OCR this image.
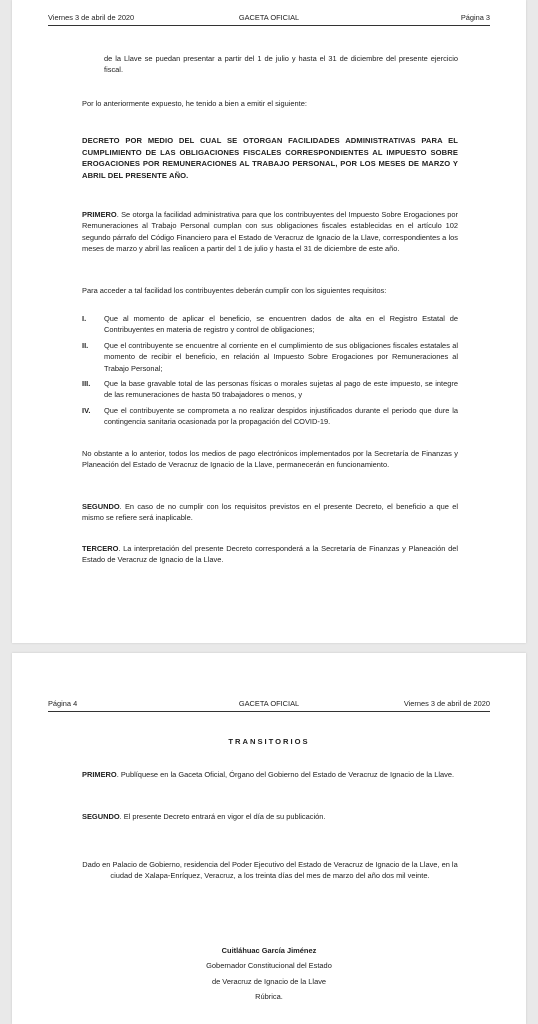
Viernes 3 de abril de 2020	GACETA OFICIAL	Página 3

de la Llave se puedan presentar a partir del 1 de julio y hasta el 31 de diciembre del presente ejercicio fiscal.

Por lo anteriormente expuesto, he tenido a bien a emitir el siguiente:

DECRETO POR MEDIO DEL CUAL SE OTORGAN FACILIDADES ADMINISTRATIVAS PARA EL CUMPLIMIENTO DE LAS OBLIGACIONES FISCALES CORRESPONDIENTES AL IMPUESTO SOBRE EROGACIONES POR REMUNERACIONES AL TRABAJO PERSONAL, POR LOS MESES DE MARZO Y ABRIL DEL PRESENTE AÑO.

PRIMERO. Se otorga la facilidad administrativa para que los contribuyentes del Impuesto Sobre Erogaciones por Remuneraciones al Trabajo Personal cumplan con sus obligaciones fiscales establecidas en el artículo 102 segundo párrafo del Código Financiero para el Estado de Veracruz de Ignacio de la Llave, correspondientes a los meses de marzo y abril las realicen a partir del 1 de julio y hasta el 31 de diciembre de este año.

Para acceder a tal facilidad los contribuyentes deberán cumplir con los siguientes requisitos:

I.	Que al momento de aplicar el beneficio, se encuentren dados de alta en el Registro Estatal de Contribuyentes en materia de registro y control de obligaciones;
II.	Que el contribuyente se encuentre al corriente en el cumplimiento de sus obligaciones fiscales estatales al momento de recibir el beneficio, en relación al Impuesto Sobre Erogaciones por Remuneraciones al Trabajo Personal;
III.	Que la base gravable total de las personas físicas o morales sujetas al pago de este impuesto, se integre de las remuneraciones de hasta 50 trabajadores o menos, y
IV.	Que el contribuyente se comprometa a no realizar despidos injustificados durante el periodo que dure la contingencia sanitaria ocasionada por la propagación del COVID-19.

No obstante a lo anterior, todos los medios de pago electrónicos implementados por la Secretaría de Finanzas y Planeación del Estado de Veracruz de Ignacio de la Llave, permanecerán en funcionamiento.

SEGUNDO. En caso de no cumplir con los requisitos previstos en el presente Decreto, el beneficio a que el mismo se refiere será inaplicable.

TERCERO. La interpretación del presente Decreto corresponderá a la Secretaría de Finanzas y Planeación del Estado de Veracruz de Ignacio de la Llave.

Página 4	GACETA OFICIAL	Viernes 3 de abril de 2020
TRANSITORIOS

PRIMERO. Publíquese en la Gaceta Oficial, Órgano del Gobierno del Estado de Veracruz de Ignacio de la Llave.

SEGUNDO. El presente Decreto entrará en vigor el día de su publicación.

Dado en Palacio de Gobierno, residencia del Poder Ejecutivo del Estado de Veracruz de Ignacio de la Llave, en la ciudad de Xalapa-Enríquez, Veracruz, a los treinta días del mes de marzo del año dos mil veinte.

Cuitláhuac García Jiménez
Gobernador Constitucional del Estado
de Veracruz de Ignacio de la Llave
Rúbrica.
